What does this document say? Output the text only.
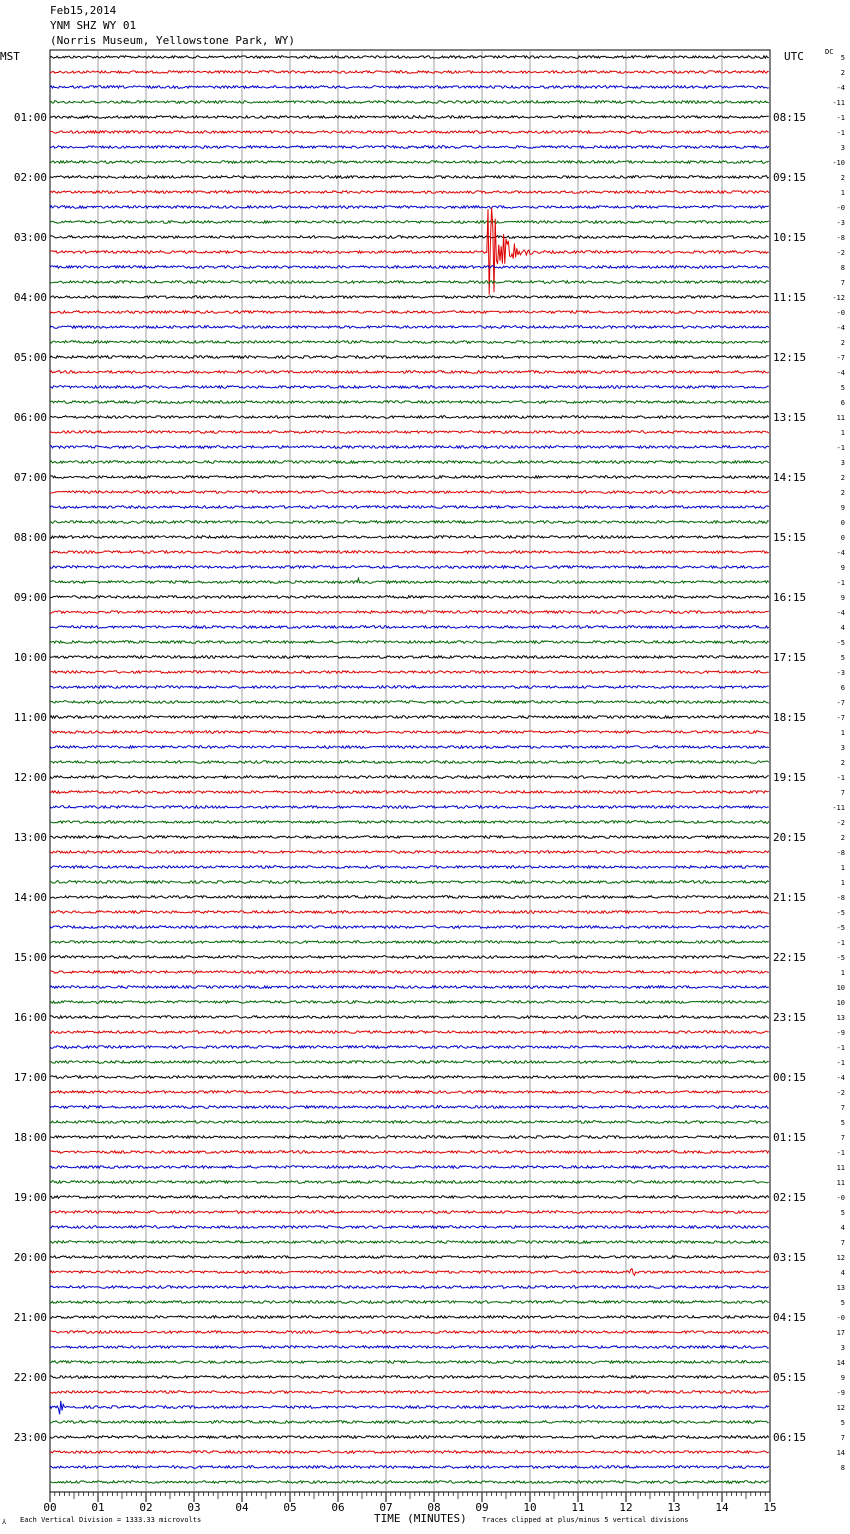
Feb15,2014
YNM SHZ WY 01
(Norris Museum, Yellowstone Park, WY)
MST	UTC	DC
5
2
-4
-11
-1
-1
3
-10
2
1
-0
-3
-8
-2
8
7
-12
-0
-4
2
-7
-4
5
6
11
1
-1
3
2
2
9
0
0
-4
9
-1
9
-4
4
-5
5
-3
6
-7
-7
1
3
2
-1
7
-11
-2
2
-8
1
1
-8
-5
-5
-1
-5
1
10
10
13
-9
-1
-1
-4
-2
7
5
7
-1
11
11
-0
5
4
7
12
4
13
5
-0
17
3
14
9
-9
12
5
7
14
8
01:00
02:00
03:00
04:00
05:00
06:00
07:00
08:00
09:00
10:00
11:00
12:00
13:00
14:00
15:00
16:00
17:00
18:00
19:00
20:00
21:00
22:00
23:00
08:15
09:15
10:15
11:15
12:15
13:15
14:15
15:15
16:15
17:15
18:15
19:15
20:15
21:15
22:15
23:15
00:15
01:15
02:15
03:15
04:15
05:15
06:15
00	01	02	03	04	05	06	07	08	09	10	11	12	13	14	15
TIME (MINUTES)
⅄ Each Vertical Division = 1333.33 microvolts	Traces clipped at plus/minus 5 vertical divisions
